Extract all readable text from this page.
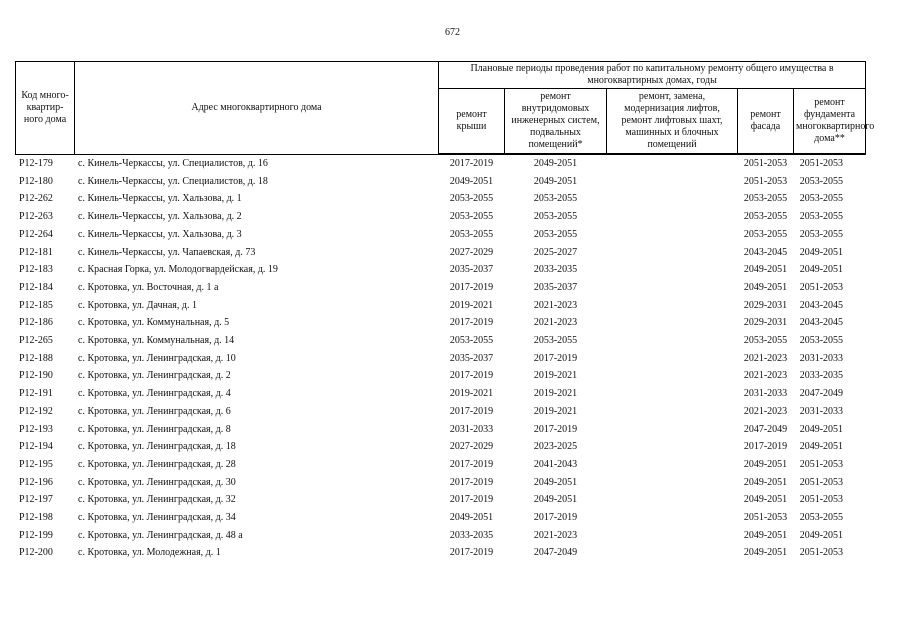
672
Код много-квартир-ного дома	Адрес многоквартирного дома	Плановые периоды проведения работ по капитальному ремонту общего имущества в многоквартирных домах, годы				
		ремонт крыши	ремонт внутридомовых инженерных систем, подвальных помещений*	ремонт, замена, модернизация лифтов, ремонт лифтовых шахт, машинных и блочных помещений	ремонт фасада	ремонт фундамента многоквартирного дома**
Р12-179	с. Кинель-Черкассы, ул. Специалистов, д. 16	2017-2019	2049-2051		2051-2053	2051-2053
Р12-180	с. Кинель-Черкассы, ул. Специалистов, д. 18	2049-2051	2049-2051		2051-2053	2053-2055
Р12-262	с. Кинель-Черкассы, ул. Хальзова, д. 1	2053-2055	2053-2055		2053-2055	2053-2055
Р12-263	с. Кинель-Черкассы, ул. Хальзова, д. 2	2053-2055	2053-2055		2053-2055	2053-2055
Р12-264	с. Кинель-Черкассы, ул. Хальзова, д. 3	2053-2055	2053-2055		2053-2055	2053-2055
Р12-181	с. Кинель-Черкассы, ул. Чапаевская, д. 73	2027-2029	2025-2027		2043-2045	2049-2051
Р12-183	с. Красная Горка, ул. Молодогвардейская, д. 19	2035-2037	2033-2035		2049-2051	2049-2051
Р12-184	с. Кротовка, ул. Восточная, д. 1 а	2017-2019	2035-2037		2049-2051	2051-2053
Р12-185	с. Кротовка, ул. Дачная, д. 1	2019-2021	2021-2023		2029-2031	2043-2045
Р12-186	с. Кротовка, ул. Коммунальная, д. 5	2017-2019	2021-2023		2029-2031	2043-2045
Р12-265	с. Кротовка, ул. Коммунальная, д. 14	2053-2055	2053-2055		2053-2055	2053-2055
Р12-188	с. Кротовка, ул. Ленинградская, д. 10	2035-2037	2017-2019		2021-2023	2031-2033
Р12-190	с. Кротовка, ул. Ленинградская, д. 2	2017-2019	2019-2021		2021-2023	2033-2035
Р12-191	с. Кротовка, ул. Ленинградская, д. 4	2019-2021	2019-2021		2031-2033	2047-2049
Р12-192	с. Кротовка, ул. Ленинградская, д. 6	2017-2019	2019-2021		2021-2023	2031-2033
Р12-193	с. Кротовка, ул. Ленинградская, д. 8	2031-2033	2017-2019		2047-2049	2049-2051
Р12-194	с. Кротовка, ул. Ленинградская, д. 18	2027-2029	2023-2025		2017-2019	2049-2051
Р12-195	с. Кротовка, ул. Ленинградская, д. 28	2017-2019	2041-2043		2049-2051	2051-2053
Р12-196	с. Кротовка, ул. Ленинградская, д. 30	2017-2019	2049-2051		2049-2051	2051-2053
Р12-197	с. Кротовка, ул. Ленинградская, д. 32	2017-2019	2049-2051		2049-2051	2051-2053
Р12-198	с. Кротовка, ул. Ленинградская, д. 34	2049-2051	2017-2019		2051-2053	2053-2055
Р12-199	с. Кротовка, ул. Ленинградская, д. 48 а	2033-2035	2021-2023		2049-2051	2049-2051
Р12-200	с. Кротовка, ул. Молодежная, д. 1	2017-2019	2047-2049		2049-2051	2051-2053
